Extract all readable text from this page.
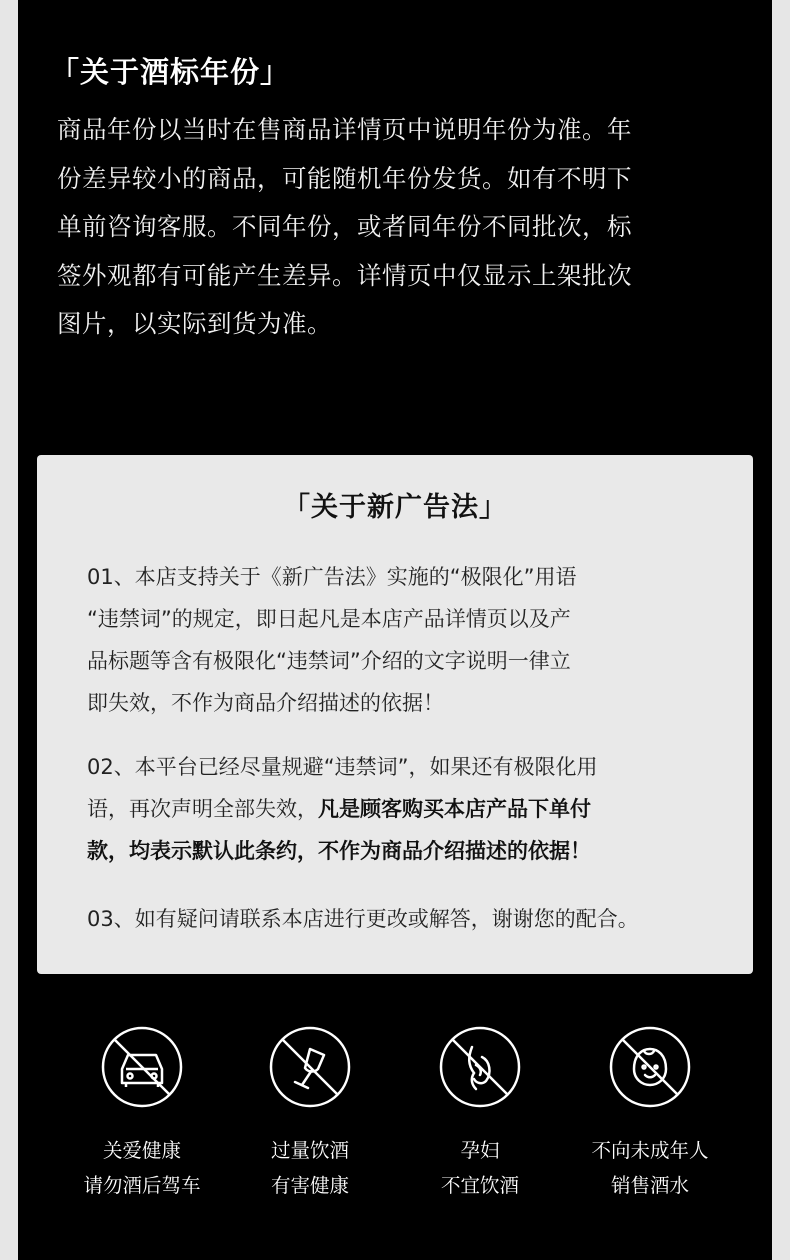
「关于酒标年份」

商品年份以当时在售商品详情页中说明年份为准。年
份差异较小的商品，可能随机年份发货。如有不明下
单前咨询客服。不同年份，或者同年份不同批次，标
签外观都有可能产生差异。详情页中仅显示上架批次
图片，以实际到货为准。

「关于新广告法」

01、本店支持关于《新广告法》实施的“极限化”用语
“违禁词”的规定，即日起凡是本店产品详情页以及产
品标题等含有极限化“违禁词”介绍的文字说明一律立
即失效，不作为商品介绍描述的依据！

02、本平台已经尽量规避“违禁词”，如果还有极限化用
语，再次声明全部失效，凡是顾客购买本店产品下单付
款，均表示默认此条约，不作为商品介绍描述的依据！

03、如有疑问请联系本店进行更改或解答，谢谢您的配合。

关爱健康
请勿酒后驾车
过量饮酒
有害健康
孕妇
不宜饮酒
不向未成年人
销售酒水
